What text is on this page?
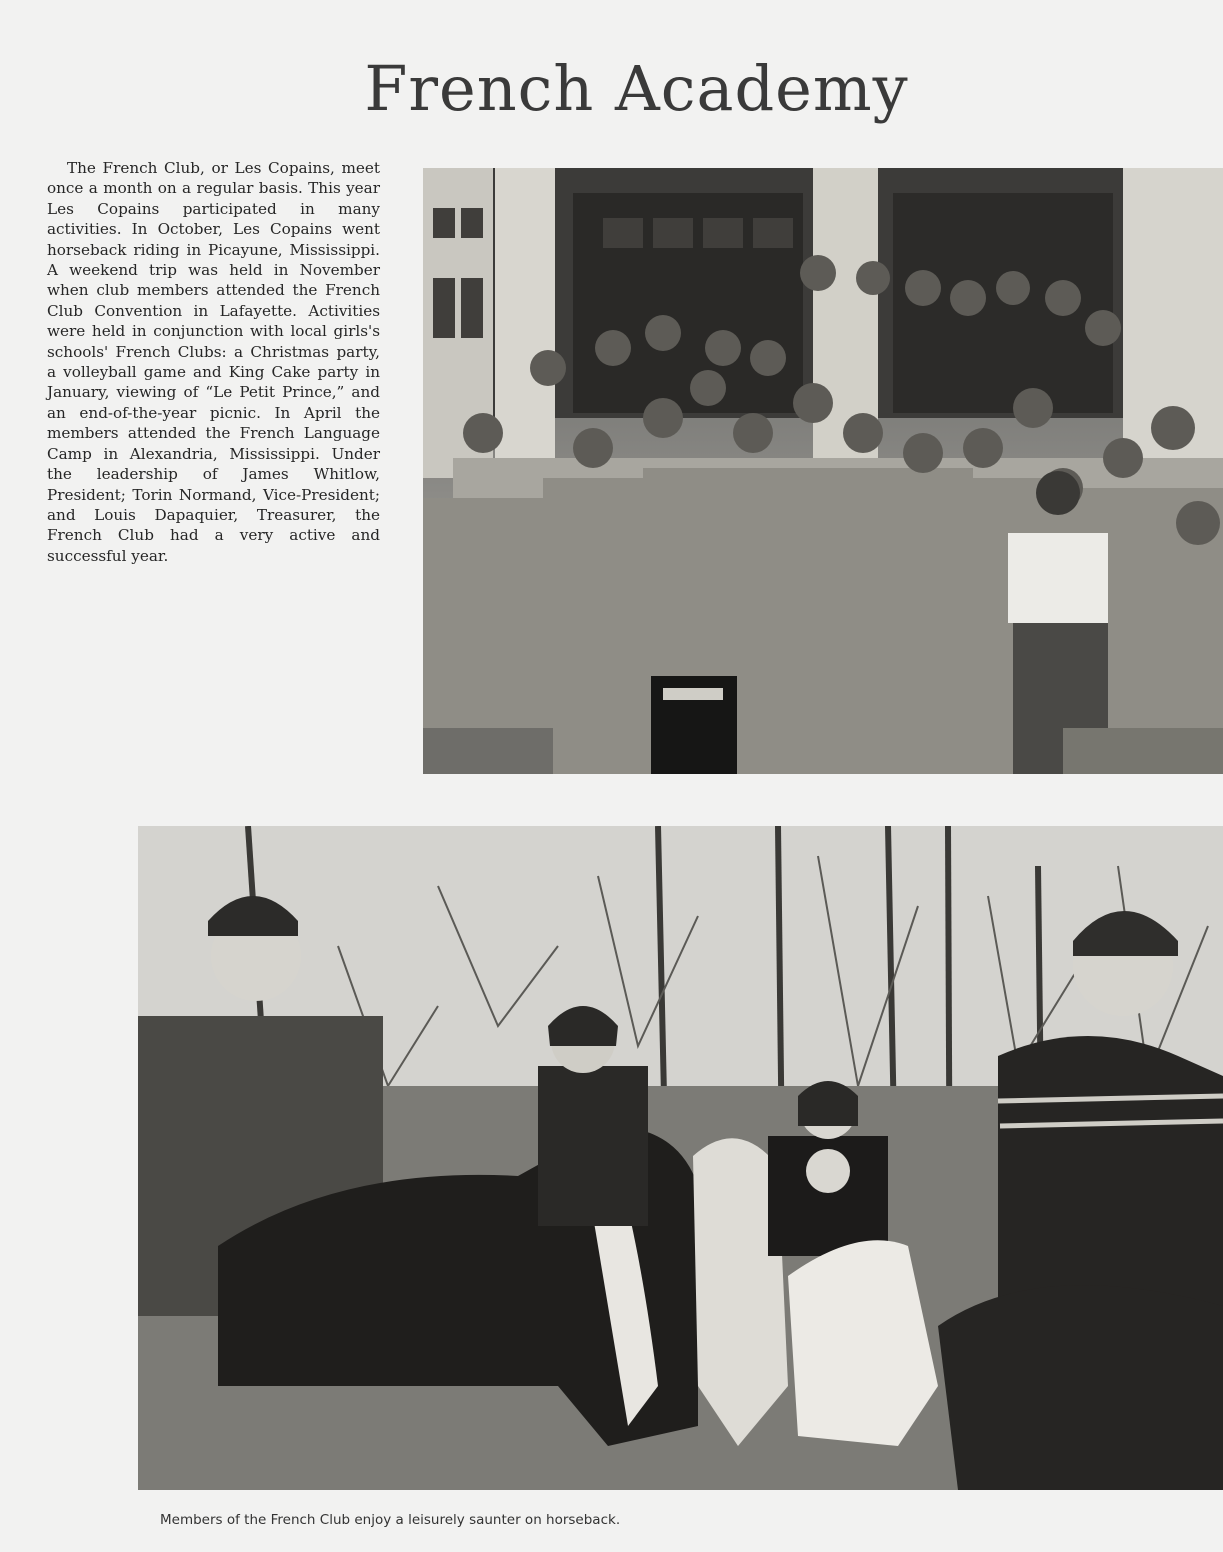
French Academy

The French Club, or Les Copains, meet once a month on a regular basis. This year Les Copains participated in many activities. In October, Les Copains went horseback riding in Picayune, Mississippi. A weekend trip was held in November when club members attended the French Club Convention in Lafayette. Activities were held in conjunction with local girls's schools' French Clubs: a Christmas party, a volleyball game and King Cake party in January, viewing of “Le Petit Prince,” and an end-of-the-year picnic. In April the members attended the French Language Camp in Alexandria, Mississippi. Under the leadership of James Whitlow, President; Torin Normand, Vice-President; and Louis Dapaquier, Treasurer, the French Club had a very active and successful year.

Members of the French Club enjoy a leisurely saunter on horseback.
